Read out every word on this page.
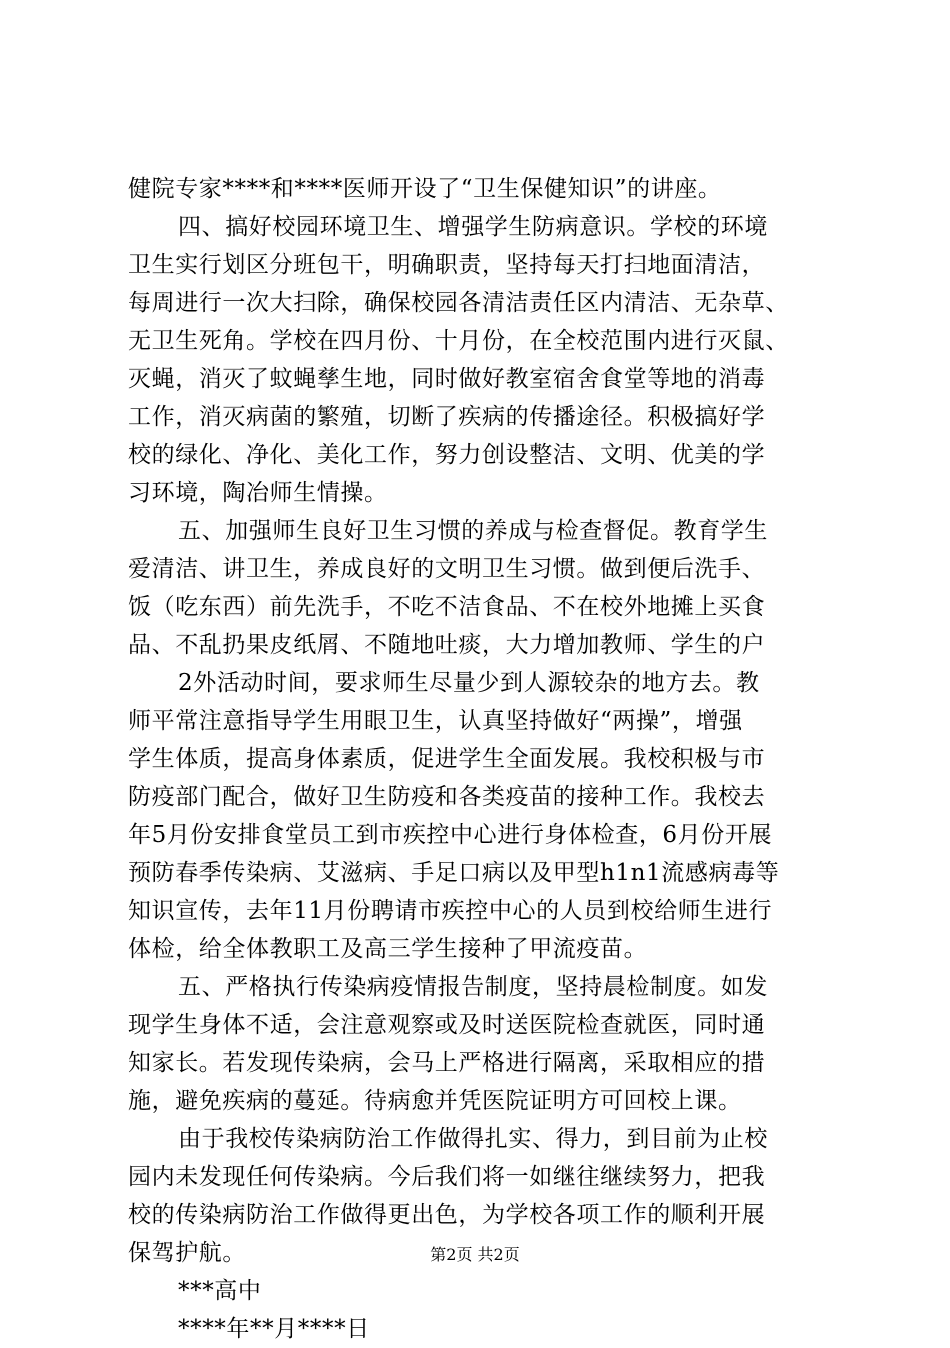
健院专家****和****医师开设了“卫生保健知识”的讲座。
四、搞好校园环境卫生、增强学生防病意识。学校的环境
卫生实行划区分班包干，明确职责，坚持每天打扫地面清洁，
每周进行一次大扫除，确保校园各清洁责任区内清洁、无杂草、
无卫生死角。学校在四月份、十月份，在全校范围内进行灭鼠、
灭蝇，消灭了蚊蝇孳生地，同时做好教室宿舍食堂等地的消毒
工作，消灭病菌的繁殖，切断了疾病的传播途径。积极搞好学
校的绿化、净化、美化工作，努力创设整洁、文明、优美的学
习环境，陶冶师生情操。
五、加强师生良好卫生习惯的养成与检查督促。教育学生
爱清洁、讲卫生，养成良好的文明卫生习惯。做到便后洗手、
饭（吃东西）前先洗手，不吃不洁食品、不在校外地摊上买食
品、不乱扔果皮纸屑、不随地吐痰，大力增加教师、学生的户
2外活动时间，要求师生尽量少到人源较杂的地方去。教
师平常注意指导学生用眼卫生，认真坚持做好“两操”，增强
学生体质，提高身体素质，促进学生全面发展。我校积极与市
防疫部门配合，做好卫生防疫和各类疫苗的接种工作。我校去
年5月份安排食堂员工到市疾控中心进行身体检查，6月份开展
预防春季传染病、艾滋病、手足口病以及甲型h1n1流感病毒等
知识宣传，去年11月份聘请市疾控中心的人员到校给师生进行
体检，给全体教职工及高三学生接种了甲流疫苗。
五、严格执行传染病疫情报告制度，坚持晨检制度。如发
现学生身体不适，会注意观察或及时送医院检查就医，同时通
知家长。若发现传染病，会马上严格进行隔离，采取相应的措
施，避免疾病的蔓延。待病愈并凭医院证明方可回校上课。
由于我校传染病防治工作做得扎实、得力，到目前为止校
园内未发现任何传染病。今后我们将一如继往继续努力，把我
校的传染病防治工作做得更出色，为学校各项工作的顺利开展
保驾护航。
***高中
****年**月****日
第2页 共2页
